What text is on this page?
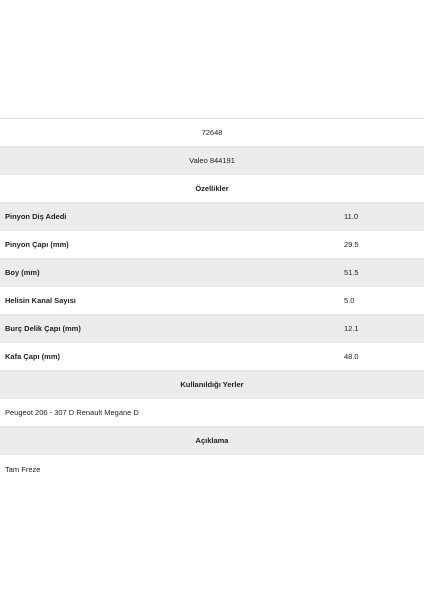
72648
Valeo 844191
Özellikler
Pinyon Diş Adedi	11.0
Pinyon Çapı (mm)	29.5
Boy (mm)	51.5
Helisin Kanal Sayısı	5.0
Burç Delik Çapı (mm)	12.1
Kafa Çapı (mm)	48.0
Kullanıldığı Yerler
Peugeot 206 - 307 D Renault Megane D
Açıklama
Tam Freze
